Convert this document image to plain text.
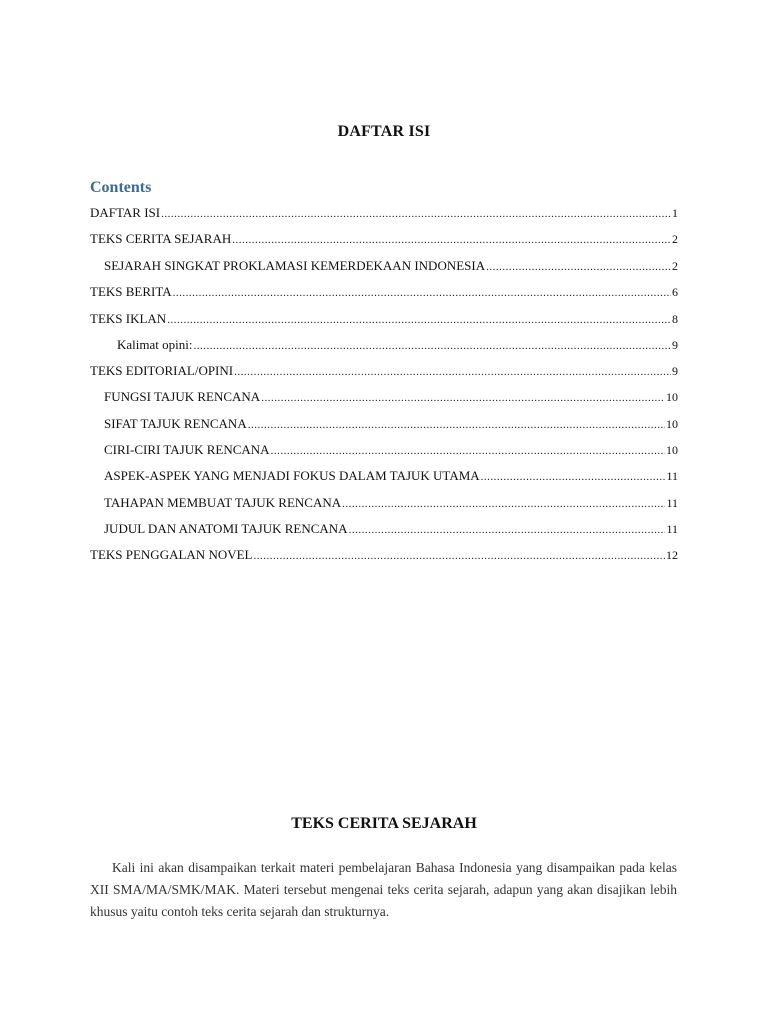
DAFTAR ISI
Contents
DAFTAR ISI .....	1
TEKS CERITA SEJARAH .....	2
SEJARAH SINGKAT PROKLAMASI KEMERDEKAAN INDONESIA .....	2
TEKS BERITA .....	6
TEKS IKLAN .....	8
Kalimat opini: .....	9
TEKS EDITORIAL/OPINI .....	9
FUNGSI TAJUK RENCANA .....	10
SIFAT TAJUK RENCANA .....	10
CIRI-CIRI TAJUK RENCANA .....	10
ASPEK-ASPEK YANG MENJADI FOKUS DALAM TAJUK UTAMA .....	11
TAHAPAN MEMBUAT TAJUK RENCANA .....	11
JUDUL DAN ANATOMI TAJUK RENCANA .....	11
TEKS PENGGALAN NOVEL .....	12
TEKS CERITA SEJARAH

Kali ini akan disampaikan terkait materi pembelajaran Bahasa Indonesia yang disampaikan pada kelas XII SMA/MA/SMK/MAK. Materi tersebut mengenai teks cerita sejarah, adapun yang akan disajikan lebih khusus yaitu contoh teks cerita sejarah dan strukturnya.
